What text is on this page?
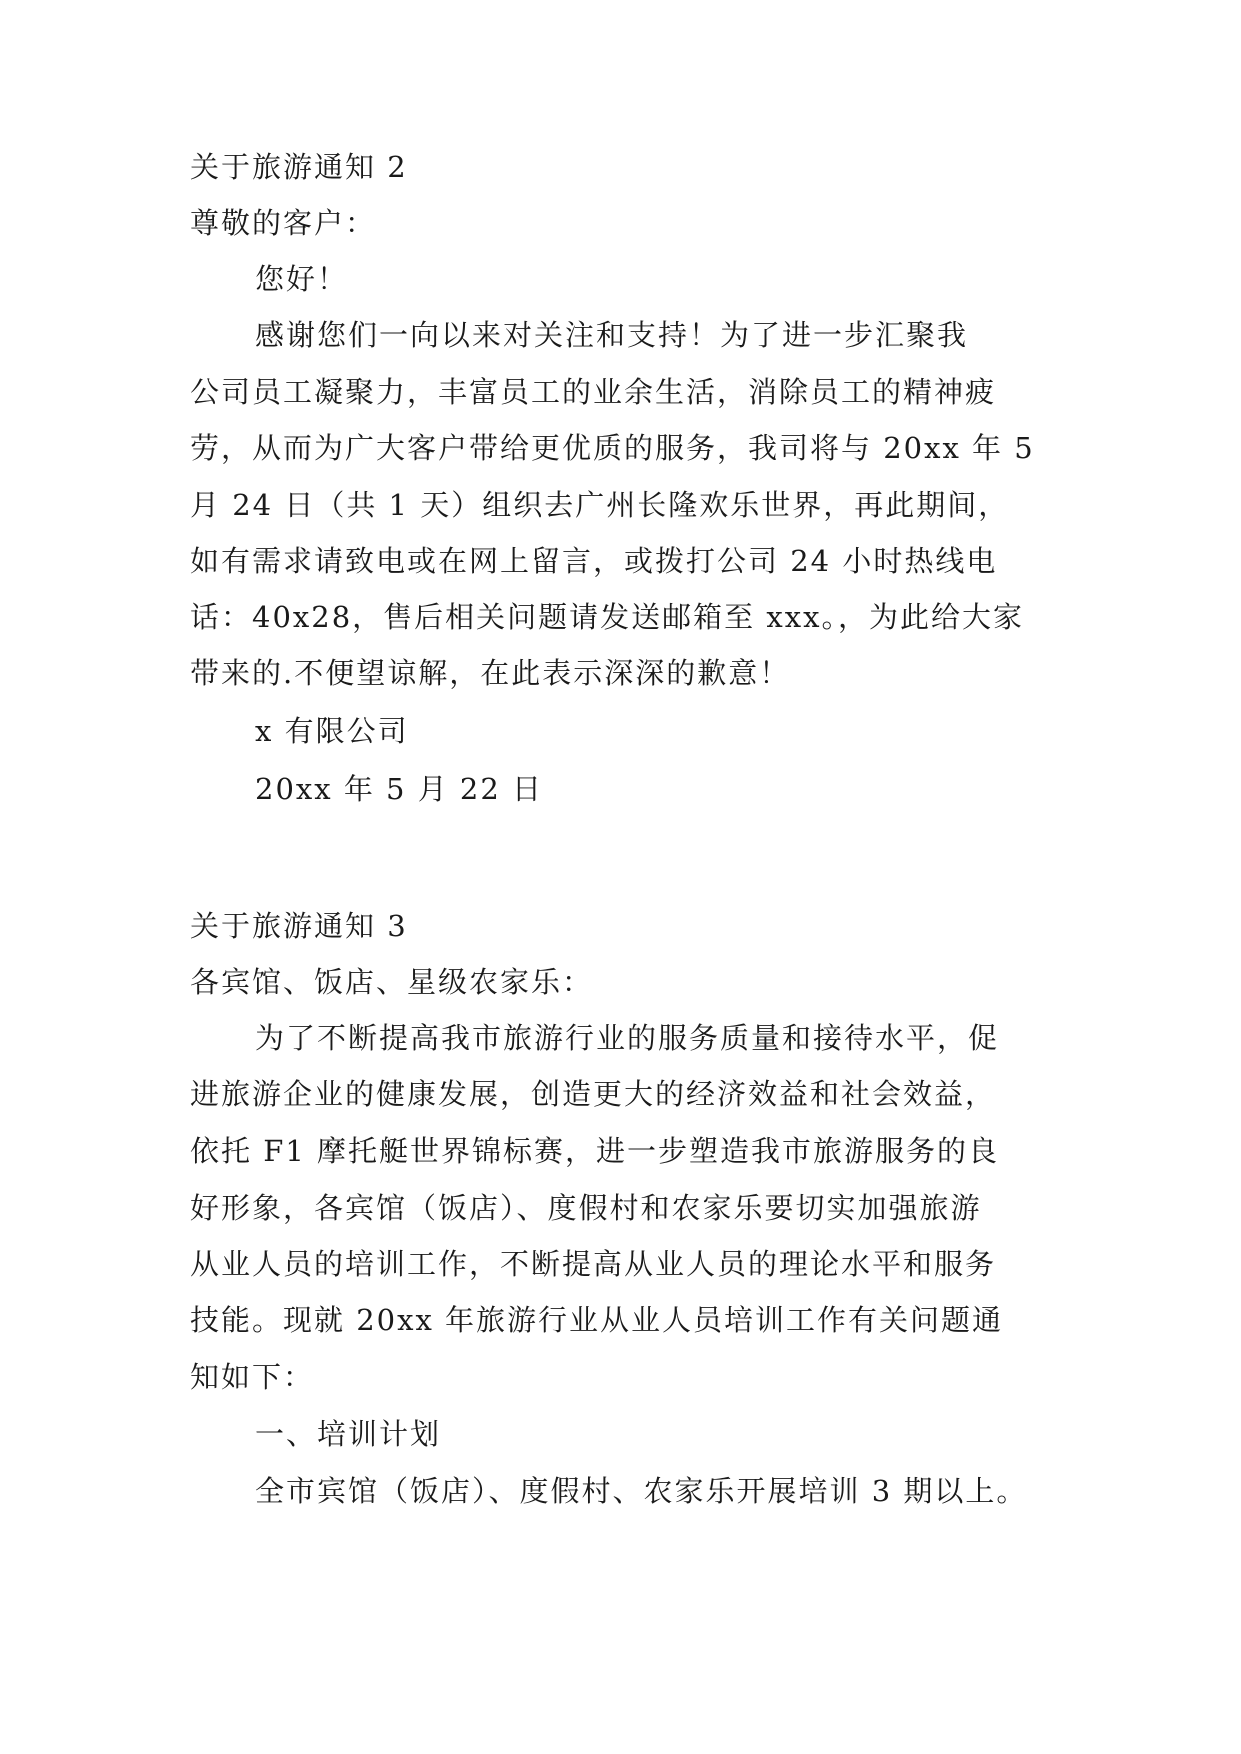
关于旅游通知 2
尊敬的客户：
您好！
感谢您们一向以来对关注和支持！为了进一步汇聚我
公司员工凝聚力，丰富员工的业余生活，消除员工的精神疲
劳，从而为广大客户带给更优质的服务，我司将与 20xx 年 5
月 24 日（共 1 天）组织去广州长隆欢乐世界，再此期间，
如有需求请致电或在网上留言，或拨打公司 24 小时热线电
话：40x28，售后相关问题请发送邮箱至 xxx。，为此给大家
带来的.不便望谅解，在此表示深深的歉意！
x 有限公司
20xx 年 5 月 22 日
关于旅游通知 3
各宾馆、饭店、星级农家乐：
为了不断提高我市旅游行业的服务质量和接待水平，促
进旅游企业的健康发展，创造更大的经济效益和社会效益，
依托 F1 摩托艇世界锦标赛，进一步塑造我市旅游服务的良
好形象，各宾馆（饭店）、度假村和农家乐要切实加强旅游
从业人员的培训工作，不断提高从业人员的理论水平和服务
技能。现就 20xx 年旅游行业从业人员培训工作有关问题通
知如下：
一、培训计划
全市宾馆（饭店）、度假村、农家乐开展培训 3 期以上。
